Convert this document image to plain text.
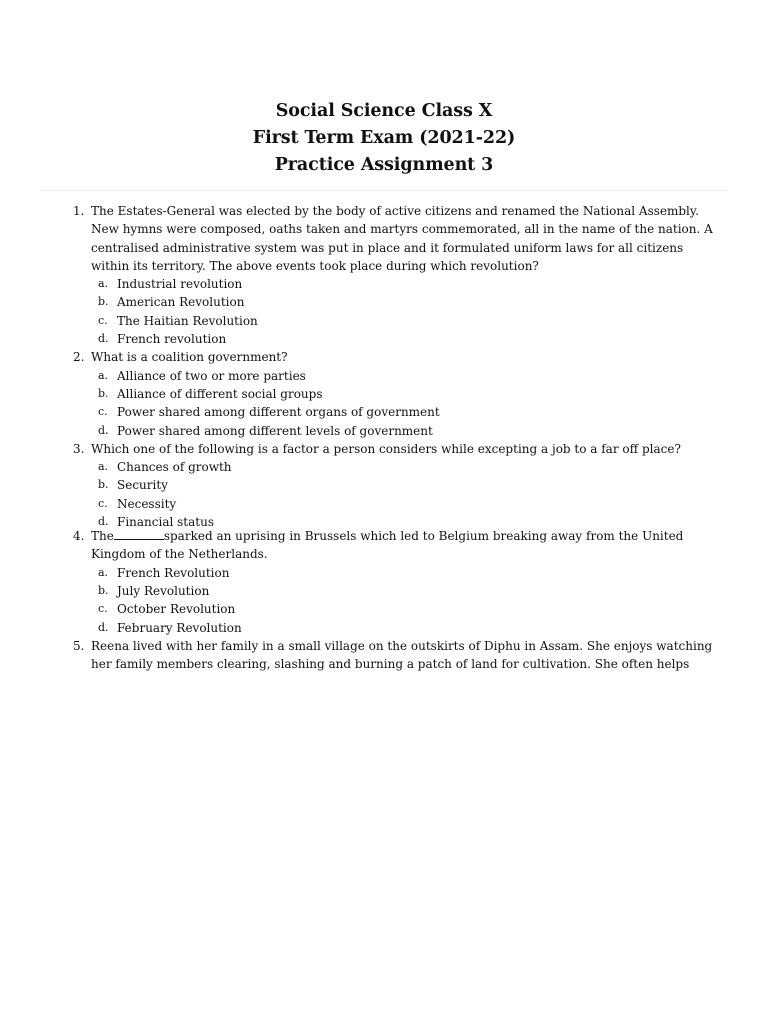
Social Science Class X
First Term Exam (2021-22)
Practice Assignment 3
1. The Estates-General was elected by the body of active citizens and renamed the National Assembly. New hymns were composed, oaths taken and martyrs commemorated, all in the name of the nation. A centralised administrative system was put in place and it formulated uniform laws for all citizens within its territory. The above events took place during which revolution?
a. Industrial revolution
b. American Revolution
c. The Haitian Revolution
d. French revolution
2. What is a coalition government?
a. Alliance of two or more parties
b. Alliance of different social groups
c. Power shared among different organs of government
d. Power shared among different levels of government
3. Which one of the following is a factor a person considers while excepting a job to a far off place?
a. Chances of growth
b. Security
c. Necessity
d. Financial status
4. The	sparked an uprising in Brussels which led to Belgium breaking away from the United Kingdom of the Netherlands.
a. French Revolution
b. July Revolution
c. October Revolution
d. February Revolution
5. Reena lived with her family in a small village on the outskirts of Diphu in Assam. She enjoys watching her family members clearing, slashing and burning a patch of land for cultivation. She often helps
